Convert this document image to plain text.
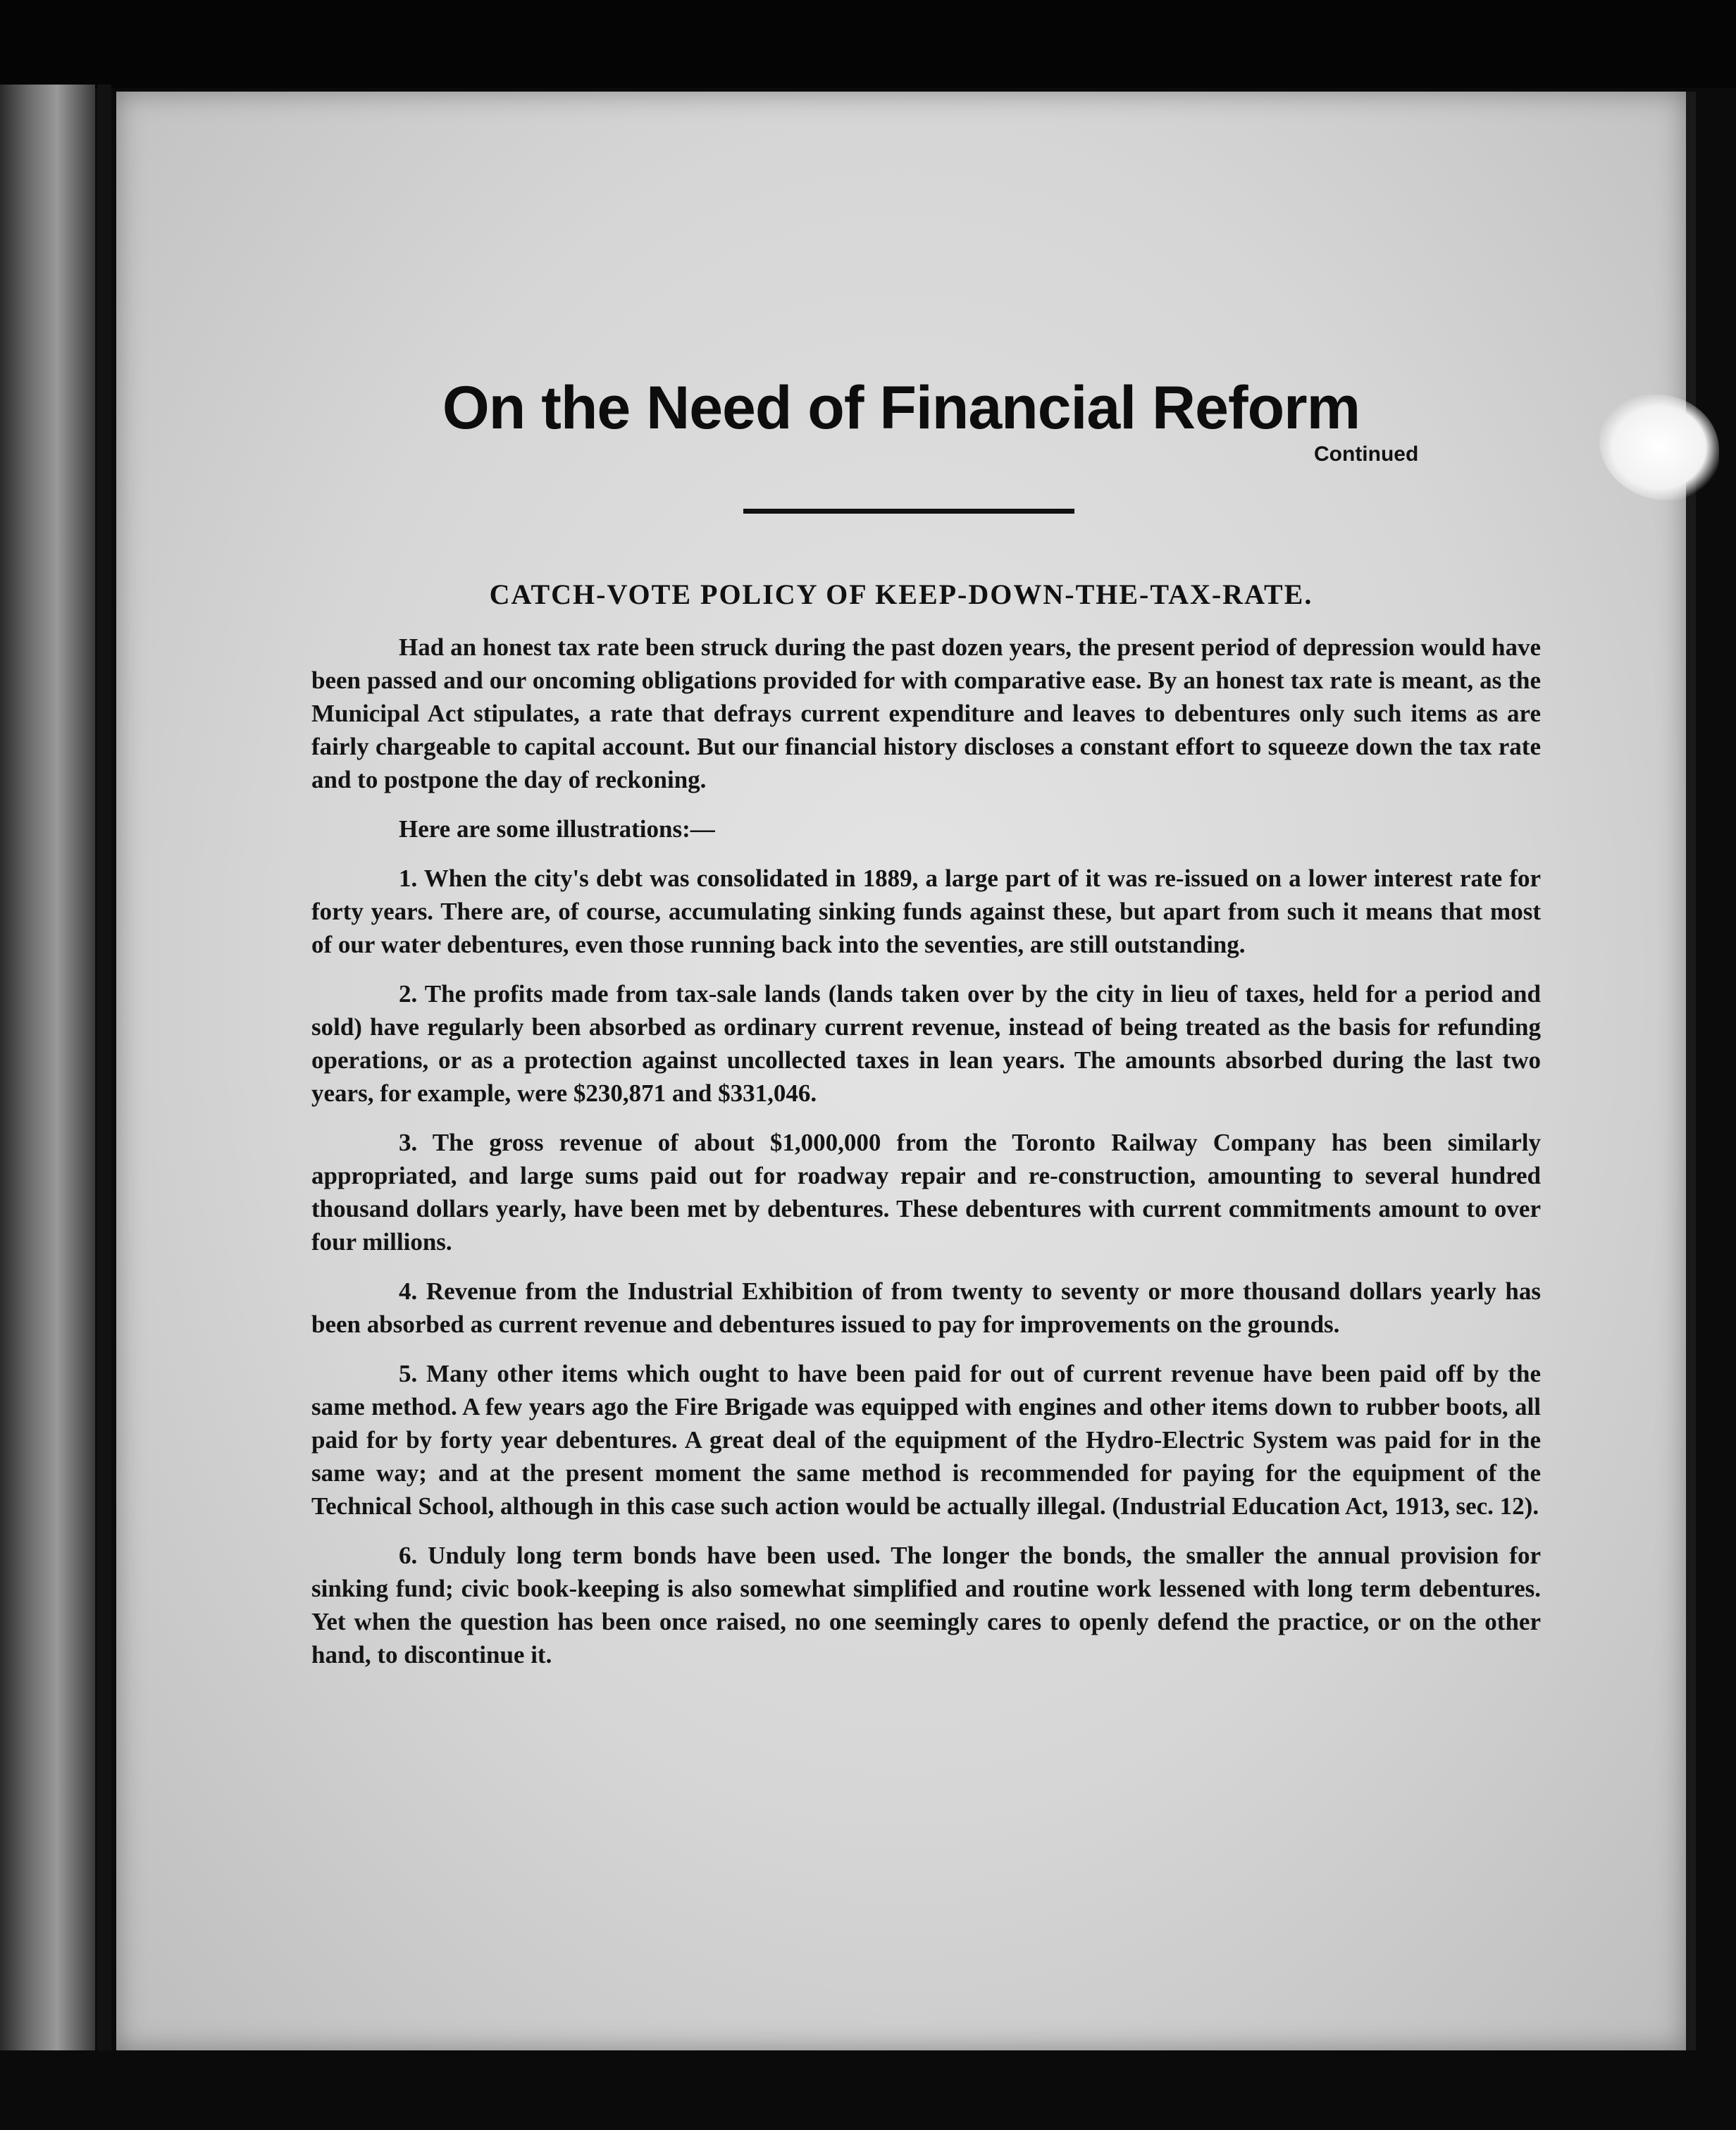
On the Need of Financial Reform
Continued
CATCH-VOTE POLICY OF KEEP-DOWN-THE-TAX-RATE.

Had an honest tax rate been struck during the past dozen years, the present period of depression would have been passed and our oncoming obligations provided for with comparative ease. By an honest tax rate is meant, as the Municipal Act stipulates, a rate that defrays current expenditure and leaves to debentures only such items as are fairly chargeable to capital account. But our financial history discloses a constant effort to squeeze down the tax rate and to postpone the day of reckoning.

Here are some illustrations:—

1. When the city's debt was consolidated in 1889, a large part of it was re-issued on a lower interest rate for forty years. There are, of course, accumulating sinking funds against these, but apart from such it means that most of our water debentures, even those running back into the seventies, are still outstanding.

2. The profits made from tax-sale lands (lands taken over by the city in lieu of taxes, held for a period and sold) have regularly been absorbed as ordinary current revenue, instead of being treated as the basis for refunding operations, or as a protection against uncollected taxes in lean years. The amounts absorbed during the last two years, for example, were $230,871 and $331,046.

3. The gross revenue of about $1,000,000 from the Toronto Railway Company has been similarly appropriated, and large sums paid out for roadway repair and re-construction, amounting to several hundred thousand dollars yearly, have been met by debentures. These debentures with current commitments amount to over four millions.

4. Revenue from the Industrial Exhibition of from twenty to seventy or more thousand dollars yearly has been absorbed as current revenue and debentures issued to pay for improvements on the grounds.

5. Many other items which ought to have been paid for out of current revenue have been paid off by the same method. A few years ago the Fire Brigade was equipped with engines and other items down to rubber boots, all paid for by forty year debentures. A great deal of the equipment of the Hydro-Electric System was paid for in the same way; and at the present moment the same method is recommended for paying for the equipment of the Technical School, although in this case such action would be actually illegal. (Industrial Education Act, 1913, sec. 12).

6. Unduly long term bonds have been used. The longer the bonds, the smaller the annual provision for sinking fund; civic book-keeping is also somewhat simplified and routine work lessened with long term debentures. Yet when the question has been once raised, no one seemingly cares to openly defend the practice, or on the other hand, to discontinue it.
